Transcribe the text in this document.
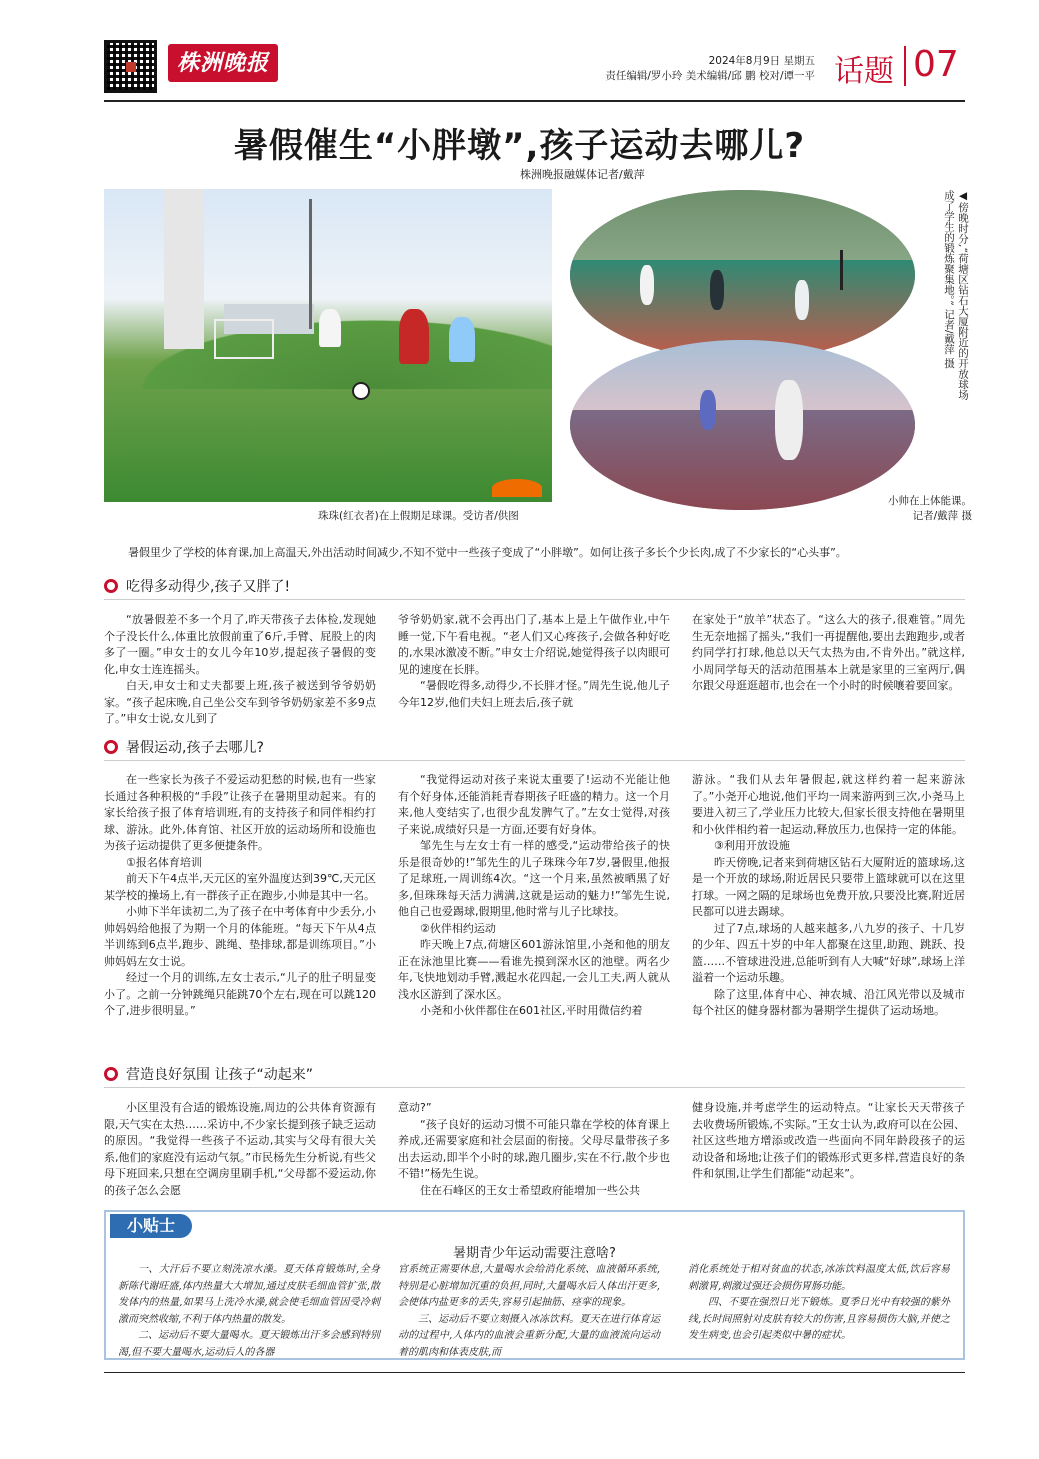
株洲晚报	2024年8月9日 星期五
责任编辑/罗小玲 美术编辑/邱 鹏 校对/谭一平 话题 07
暑假催生“小胖墩”,孩子运动去哪儿?
株洲晚报融媒体记者/戴萍
◀傍晚时分,“荷塘区钻石大厦附近的开放球场成了学生的锻炼聚集地。” 记者/戴萍 摄
珠珠(红衣者)在上假期足球课。受访者/供图
小帅在上体能课。
记者/戴萍 摄
暑假里少了学校的体育课,加上高温天,外出活动时间减少,不知不觉中一些孩子变成了“小胖墩”。如何让孩子多长个少长肉,成了不少家长的“心头事”。
吃得多动得少,孩子又胖了!

“放暑假差不多一个月了,昨天带孩子去体检,发现她个子没长什么,体重比放假前重了6斤,手臂、屁股上的肉多了一圈。”申女士的女儿今年10岁,提起孩子暑假的变化,申女士连连摇头。

白天,申女士和丈夫都要上班,孩子被送到爷爷奶奶家。“孩子起床晚,自己坐公交车到爷爷奶奶家差不多9点了。”申女士说,女儿到了

爷爷奶奶家,就不会再出门了,基本上是上午做作业,中午睡一觉,下午看电视。“老人们又心疼孩子,会做各种好吃的,水果冰激凌不断。”申女士介绍说,她觉得孩子以肉眼可见的速度在长胖。

“暑假吃得多,动得少,不长胖才怪。”周先生说,他儿子今年12岁,他们夫妇上班去后,孩子就

在家处于“放羊”状态了。“这么大的孩子,很难管。”周先生无奈地摇了摇头,“我们一再提醒他,要出去跑跑步,或者约同学打打球,他总以天气太热为由,不肯外出。”就这样,小周同学每天的活动范围基本上就是家里的三室两厅,偶尔跟父母逛逛超市,也会在一个小时的时候嚷着要回家。

暑假运动,孩子去哪儿?

在一些家长为孩子不爱运动犯愁的时候,也有一些家长通过各种积极的“手段”让孩子在暑期里动起来。有的家长给孩子报了体育培训班,有的支持孩子和同伴相约打球、游泳。此外,体育馆、社区开放的运动场所和设施也为孩子运动提供了更多便捷条件。

①报名体育培训

前天下午4点半,天元区的室外温度达到39℃,天元区某学校的操场上,有一群孩子正在跑步,小帅是其中一名。

小帅下半年读初二,为了孩子在中考体育中少丢分,小帅妈妈给他报了为期一个月的体能班。“每天下午从4点半训练到6点半,跑步、跳绳、垫排球,都是训练项目。”小帅妈妈左女士说。

经过一个月的训练,左女士表示,“儿子的肚子明显变小了。之前一分钟跳绳只能跳70个左右,现在可以跳120个了,进步很明显。”

“我觉得运动对孩子来说太重要了!运动不光能让他有个好身体,还能消耗青春期孩子旺盛的精力。这一个月来,他人变结实了,也很少乱发脾气了。”左女士觉得,对孩子来说,成绩好只是一方面,还要有好身体。

邹先生与左女士有一样的感受,“运动带给孩子的快乐是很奇妙的!”邹先生的儿子珠珠今年7岁,暑假里,他报了足球班,一周训练4次。“这一个月来,虽然被晒黑了好多,但珠珠每天活力满满,这就是运动的魅力!”邹先生说,他自己也爱踢球,假期里,他时常与儿子比球技。

②伙伴相约运动

昨天晚上7点,荷塘区601游泳馆里,小尧和他的朋友正在泳池里比赛——看谁先摸到深水区的池壁。两名少年,飞快地划动手臂,溅起水花四起,一会儿工夫,两人就从浅水区游到了深水区。

小尧和小伙伴都住在601社区,平时用微信约着

游泳。“我们从去年暑假起,就这样约着一起来游泳了。”小尧开心地说,他们平均一周来游两到三次,小尧马上要进入初三了,学业压力比较大,但家长很支持他在暑期里和小伙伴相约着一起运动,释放压力,也保持一定的体能。

③利用开放设施

昨天傍晚,记者来到荷塘区钻石大厦附近的篮球场,这是一个开放的球场,附近居民只要带上篮球就可以在这里打球。一网之隔的足球场也免费开放,只要没比赛,附近居民都可以进去踢球。

过了7点,球场的人越来越多,八九岁的孩子、十几岁的少年、四五十岁的中年人都聚在这里,助跑、跳跃、投篮……不管球进没进,总能听到有人大喊“好球”,球场上洋溢着一个运动乐趣。

除了这里,体育中心、神农城、沿江风光带以及城市每个社区的健身器材都为暑期学生提供了运动场地。

营造良好氛围 让孩子“动起来”

小区里没有合适的锻炼设施,周边的公共体育资源有限,天气实在太热……采访中,不少家长提到孩子缺乏运动的原因。“我觉得一些孩子不运动,其实与父母有很大关系,他们的家庭没有运动气氛。”市民杨先生分析说,有些父母下班回来,只想在空调房里刷手机,“父母都不爱运动,你的孩子怎么会愿

意动?”

“孩子良好的运动习惯不可能只靠在学校的体育课上养成,还需要家庭和社会层面的衔接。父母尽量带孩子多出去运动,即半个小时的球,跑几圈步,实在不行,散个步也不错!”杨先生说。

住在石峰区的王女士希望政府能增加一些公共

健身设施,并考虑学生的运动特点。“让家长天天带孩子去收费场所锻炼,不实际。”王女士认为,政府可以在公园、社区这些地方增添或改造一些面向不同年龄段孩子的运动设备和场地;让孩子们的锻炼形式更多样,营造良好的条件和氛围,让学生们都能“动起来”。

小贴士
暑期青少年运动需要注意啥?

一、大汗后不要立刻洗凉水澡。夏天体育锻炼时,全身新陈代谢旺盛,体内热量大大增加,通过皮肤毛细血管扩张,散发体内的热量,如果马上洗冷水澡,就会使毛细血管因受冷刺激而突然收缩,不利于体内热量的散发。

二、运动后不要大量喝水。夏天锻炼出汗多会感到特别渴,但不要大量喝水,运动后人的各器

官系统正需要休息,大量喝水会给消化系统、血液循环系统,特别是心脏增加沉重的负担,同时,大量喝水后人体出汗更多,会使体内盐更多的丢失,容易引起抽筋、痉挛的现象。

三、运动后不要立刻摄入冰冻饮料。夏天在进行体育运动的过程中,人体内的血液会重新分配,大量的血液流向运动着的肌肉和体表皮肤,而

消化系统处于相对贫血的状态,冰冻饮料温度太低,饮后容易刺激胃,刺激过强还会损伤胃肠功能。

四、不要在强烈日光下锻炼。夏季日光中有较强的紫外线,长时间照射对皮肤有较大的伤害,且容易损伤大脑,并使之发生病变,也会引起类似中暑的症状。
